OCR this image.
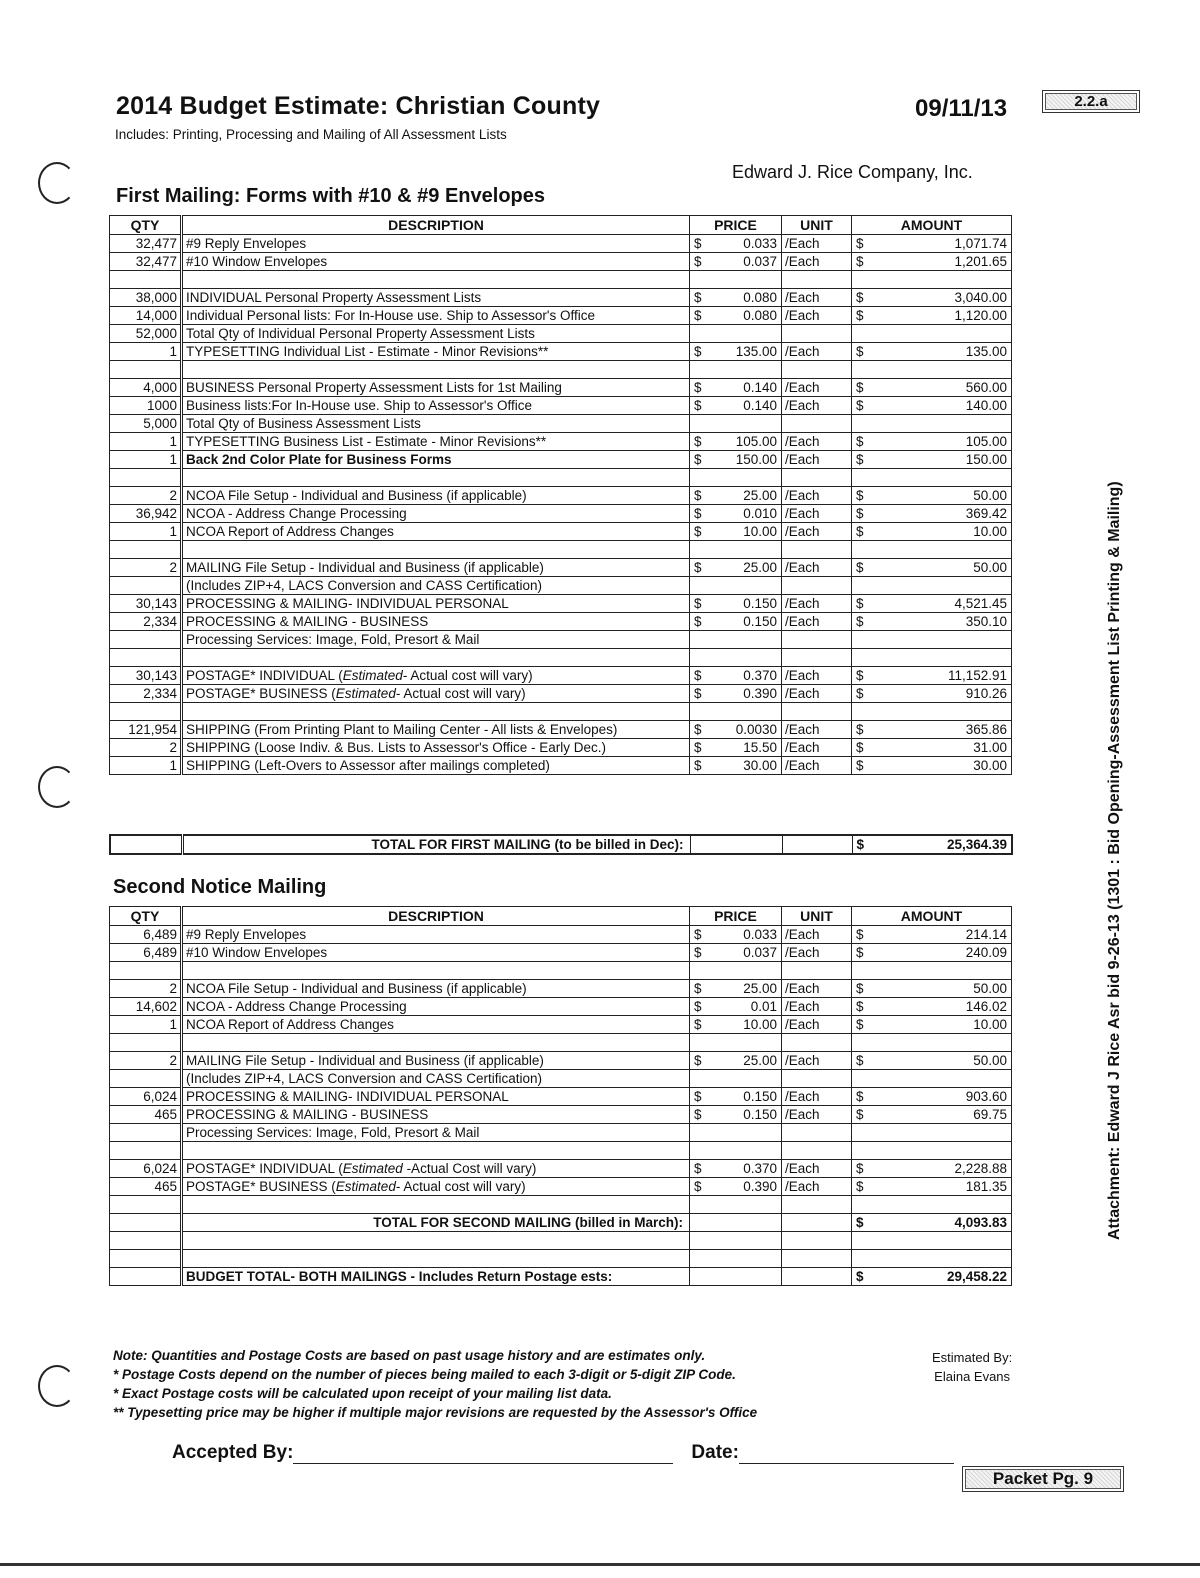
2014 Budget Estimate: Christian County
Includes: Printing, Processing and Mailing of All Assessment Lists
09/11/13	2.2.a
Edward J. Rice Company, Inc.
Attachment: Edward J Rice Asr bid 9-26-13 (1301 : Bid Opening-Assessment List Printing & Mailing)
First Mailing: Forms with #10 & #9 Envelopes
QTY	DESCRIPTION	PRICE	UNIT	AMOUNT
32,477	#9 Reply Envelopes	$ 0.033	/Each	$ 1,071.74

32,477	#10 Window Envelopes	$ 0.037	/Each	$ 1,201.65

38,000	INDIVIDUAL Personal Property Assessment Lists	$ 0.080	/Each	$ 3,040.00

14,000	Individual Personal lists: For In-House use. Ship to Assessor's Office	$ 0.080	/Each	$ 1,120.00

52,000	Total Qty of Individual Personal Property Assessment Lists	

1	TYPESETTING Individual List - Estimate - Minor Revisions**	$ 135.00	/Each	$ 135.00

4,000	BUSINESS Personal Property Assessment Lists for 1st Mailing	$ 0.140	/Each	$ 560.00

1000	Business lists:For In-House use. Ship to Assessor's Office	$ 0.140	/Each	$ 140.00

5,000	Total Qty of Business Assessment Lists	

1	TYPESETTING Business List - Estimate - Minor Revisions**	$ 105.00	/Each	$ 105.00

1	Back 2nd Color Plate for Business Forms	$ 150.00	/Each	$ 150.00

2	NCOA File Setup - Individual and Business (if applicable)	$ 25.00	/Each	$ 50.00

36,942	NCOA - Address Change Processing	$ 0.010	/Each	$ 369.42

1	NCOA Report of Address Changes	$ 10.00	/Each	$ 10.00

2	MAILING File Setup - Individual and Business (if applicable)	$ 25.00	/Each	$ 50.00

	(Includes ZIP+4, LACS Conversion and CASS Certification)	

30,143	PROCESSING & MAILING- INDIVIDUAL PERSONAL	$ 0.150	/Each	$ 4,521.45

2,334	PROCESSING & MAILING - BUSINESS	$ 0.150	/Each	$ 350.10

	Processing Services: Image, Fold, Presort & Mail	

30,143	POSTAGE* INDIVIDUAL (Estimated- Actual cost will vary)	$ 0.370	/Each	$ 11,152.91

2,334	POSTAGE* BUSINESS (Estimated- Actual cost will vary)	$ 0.390	/Each	$ 910.26

121,954	SHIPPING (From Printing Plant to Mailing Center - All lists & Envelopes)	$ 0.0030	/Each	$ 365.86

2	SHIPPING (Loose Indiv. & Bus. Lists to Assessor's Office - Early Dec.)	$ 15.50	/Each	$ 31.00

1	SHIPPING (Left-Overs to Assessor after mailings completed)	$ 30.00	/Each	$ 30.00
	TOTAL FOR FIRST MAILING (to be billed in Dec):			$	25,364.39
Second Notice Mailing
QTY	DESCRIPTION	PRICE	UNIT	AMOUNT
6,489	#9 Reply Envelopes	$ 0.033	/Each	$ 214.14

6,489	#10 Window Envelopes	$ 0.037	/Each	$ 240.09

2	NCOA File Setup - Individual and Business (if applicable)	$ 25.00	/Each	$ 50.00

14,602	NCOA - Address Change Processing	$ 0.01	/Each	$ 146.02

1	NCOA Report of Address Changes	$ 10.00	/Each	$ 10.00

2	MAILING File Setup - Individual and Business (if applicable)	$ 25.00	/Each	$ 50.00

	(Includes ZIP+4, LACS Conversion and CASS Certification)	

6,024	PROCESSING & MAILING- INDIVIDUAL PERSONAL	$ 0.150	/Each	$ 903.60

465	PROCESSING & MAILING - BUSINESS	$ 0.150	/Each	$ 69.75

	Processing Services: Image, Fold, Presort & Mail	

6,024	POSTAGE* INDIVIDUAL (Estimated -Actual Cost will vary)	$ 0.370	/Each	$ 2,228.88

465	POSTAGE* BUSINESS (Estimated- Actual cost will vary)	$ 0.390	/Each	$ 181.35

	TOTAL FOR SECOND MAILING (billed in March):			$ 4,093.83

	BUDGET TOTAL- BOTH MAILINGS - Includes Return Postage ests:			$ 29,458.22
Note: Quantities and Postage Costs are based on past usage history and are estimates only.
* Postage Costs depend on the number of pieces being mailed to each 3-digit or 5-digit ZIP Code.
* Exact Postage costs will be calculated upon receipt of your mailing list data.
** Typesetting price may be higher if multiple major revisions are requested by the Assessor's Office
Estimated By:
Elaina Evans
Accepted By:	Date:
Packet Pg. 9
